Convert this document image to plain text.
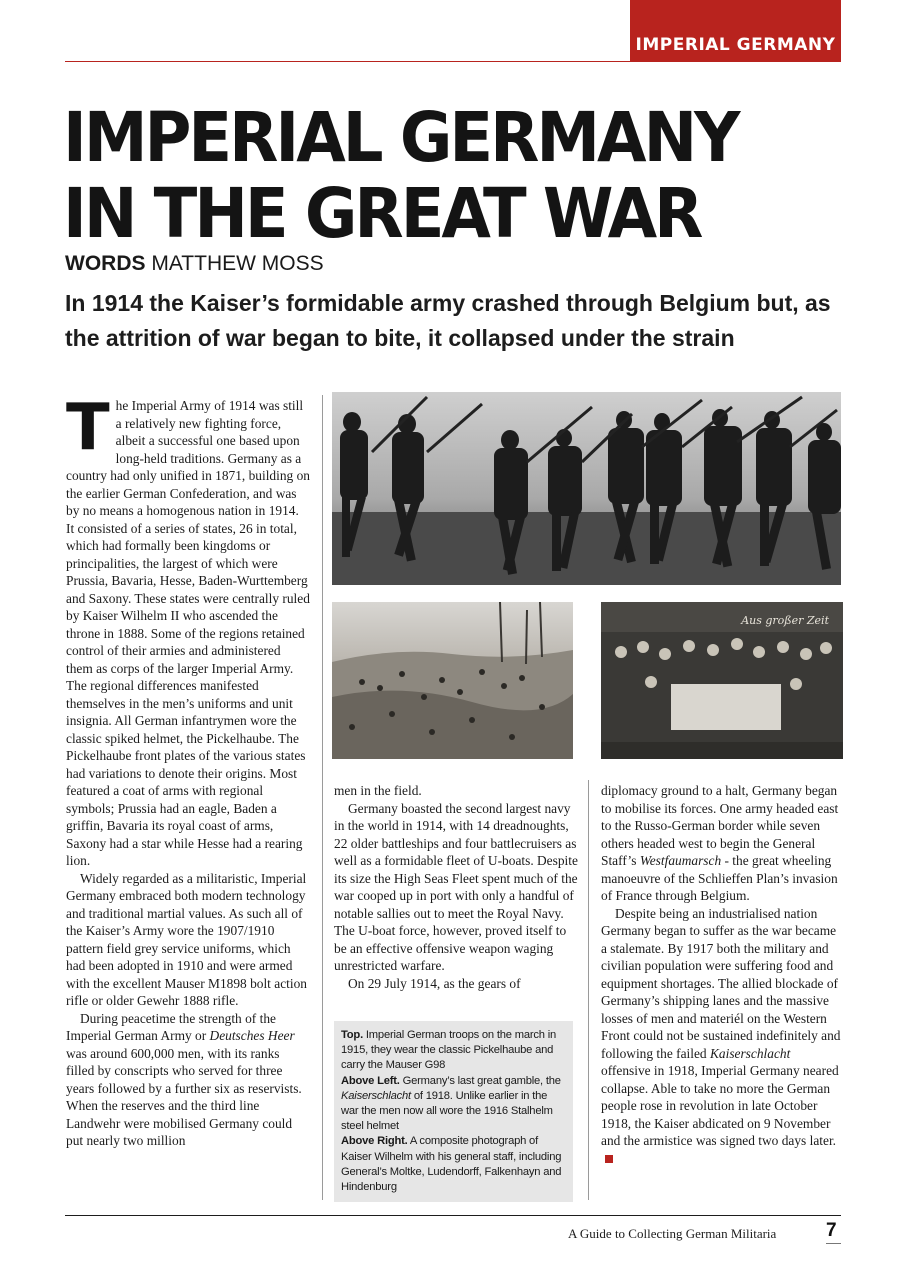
IMPERIAL GERMANY
IMPERIAL GERMANY
IN THE GREAT WAR
WORDS MATTHEW MOSS

In 1914 the Kaiser’s formidable army crashed through Belgium but, as the attrition of war began to bite, it collapsed under the strain

The Imperial Army of 1914 was still a relatively new fighting force, albeit a successful one based upon long-held traditions. Germany as a country had only unified in 1871, building on the earlier German Confederation, and was by no means a homogenous nation in 1914. It consisted of a series of states, 26 in total, which had formally been kingdoms or principalities, the largest of which were Prussia, Bavaria, Hesse, Baden-Wurttemberg and Saxony. These states were centrally ruled by Kaiser Wilhelm II who ascended the throne in 1888. Some of the regions retained control of their armies and administered them as corps of the larger Imperial Army. The regional differences manifested themselves in the men’s uniforms and unit insignia. All German infantrymen wore the classic spiked helmet, the Pickelhaube. The Pickelhaube front plates of the various states had variations to denote their origins. Most featured a coat of arms with regional symbols; Prussia had an eagle, Baden a griffin, Bavaria its royal coast of arms, Saxony had a star while Hesse had a rearing lion.

Widely regarded as a militaristic, Imperial Germany embraced both modern technology and traditional martial values. As such all of the Kaiser’s Army wore the 1907/1910 pattern field grey service uniforms, which had been adopted in 1910 and were armed with the excellent Mauser M1898 bolt action rifle or older Gewehr 1888 rifle.

During peacetime the strength of the Imperial German Army or Deutsches Heer was around 600,000 men, with its ranks filled by conscripts who served for three years followed by a further six as reservists. When the reserves and the third line Landwehr were mobilised Germany could put nearly two million

Aus großer Zeit

men in the field.

Germany boasted the second largest navy in the world in 1914, with 14 dreadnoughts, 22 older battleships and four battlecruisers as well as a formidable fleet of U-boats. Despite its size the High Seas Fleet spent much of the war cooped up in port with only a handful of notable sallies out to meet the Royal Navy. The U-boat force, however, proved itself to be an effective offensive weapon waging unrestricted warfare.

On 29 July 1914, as the gears of

Top. Imperial German troops on the march in 1915, they wear the classic Pickelhaube and carry the Mauser G98
Above Left. Germany’s last great gamble, the Kaiserschlacht of 1918. Unlike earlier in the war the men now all wore the 1916 Stalhelm steel helmet
Above Right. A composite photograph of Kaiser Wilhelm with his general staff, including General’s Moltke, Ludendorff, Falkenhayn and Hindenburg

diplomacy ground to a halt, Germany began to mobilise its forces. One army headed east to the Russo-German border while seven others headed west to begin the General Staff’s Westfaumarsch - the great wheeling manoeuvre of the Schlieffen Plan’s invasion of France through Belgium.

Despite being an industrialised nation Germany began to suffer as the war became a stalemate. By 1917 both the military and civilian population were suffering food and equipment shortages. The allied blockade of Germany’s shipping lanes and the massive losses of men and materiél on the Western Front could not be sustained indefinitely and following the failed Kaiserschlacht offensive in 1918, Imperial Germany neared collapse. Able to take no more the German people rose in revolution in late October 1918, the Kaiser abdicated on 9 November and the armistice was signed two days later.

A Guide to Collecting German Militaria	7
